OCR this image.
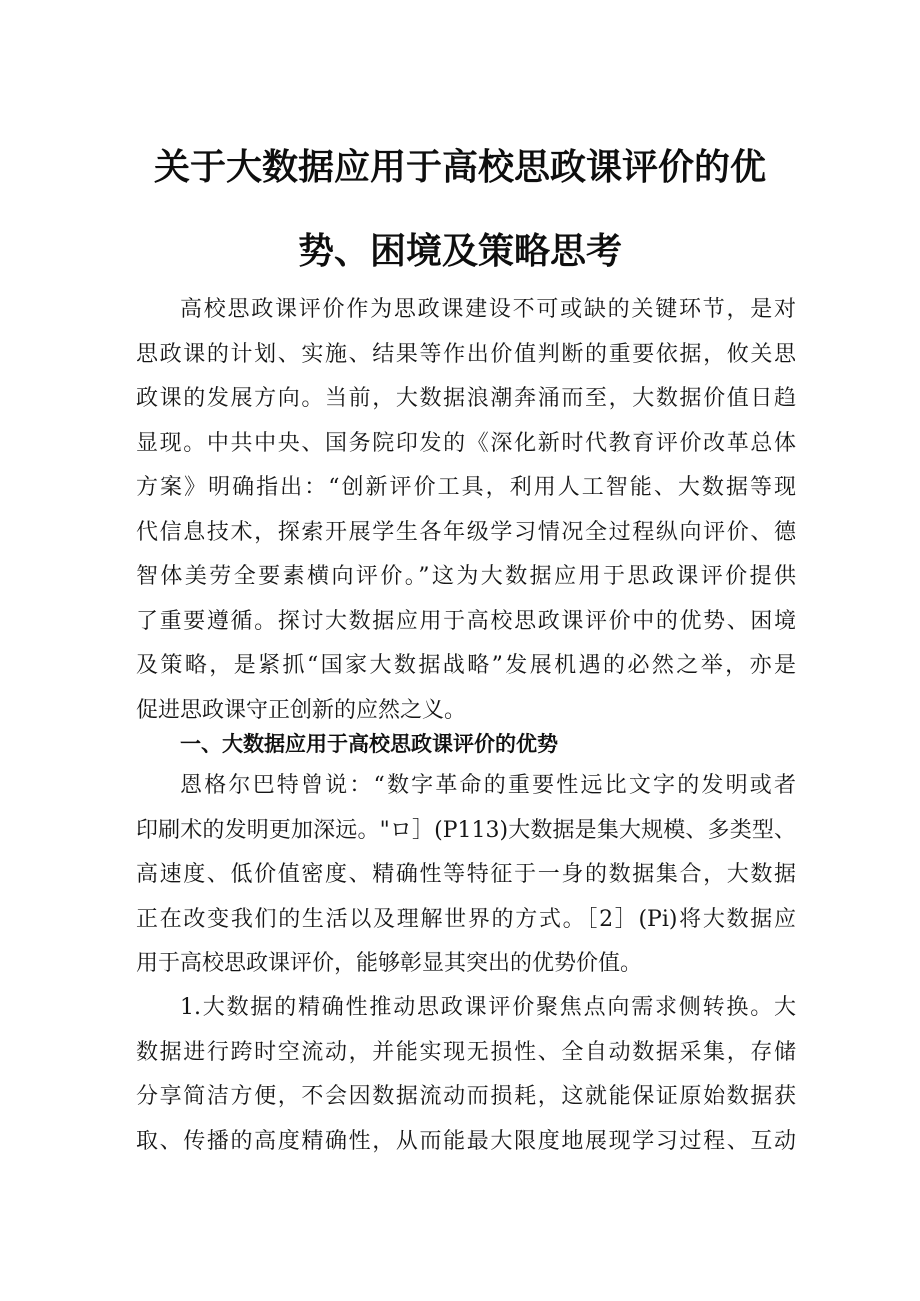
关于大数据应用于高校思政课评价的优
势、困境及策略思考
高校思政课评价作为思政课建设不可或缺的关键环节，是对
思政课的计划、实施、结果等作出价值判断的重要依据，攸关思
政课的发展方向。当前，大数据浪潮奔涌而至，大数据价值日趋
显现。中共中央、国务院印发的《深化新时代教育评价改革总体
方案》明确指出：“创新评价工具，利用人工智能、大数据等现
代信息技术，探索开展学生各年级学习情况全过程纵向评价、德
智体美劳全要素横向评价。”这为大数据应用于思政课评价提供
了重要遵循。探讨大数据应用于高校思政课评价中的优势、困境
及策略，是紧抓“国家大数据战略”发展机遇的必然之举，亦是
促进思政课守正创新的应然之义。
一、大数据应用于高校思政课评价的优势
恩格尔巴特曾说：“数字革命的重要性远比文字的发明或者
印刷术的发明更加深远。"ロ］(P113)大数据是集大规模、多类型、
高速度、低价值密度、精确性等特征于一身的数据集合，大数据
正在改变我们的生活以及理解世界的方式。［2］(Pi)将大数据应
用于高校思政课评价，能够彰显其突出的优势价值。
1.大数据的精确性推动思政课评价聚焦点向需求侧转换。大
数据进行跨时空流动，并能实现无损性、全自动数据采集，存储
分享简洁方便，不会因数据流动而损耗，这就能保证原始数据获
取、传播的高度精确性，从而能最大限度地展现学习过程、互动
